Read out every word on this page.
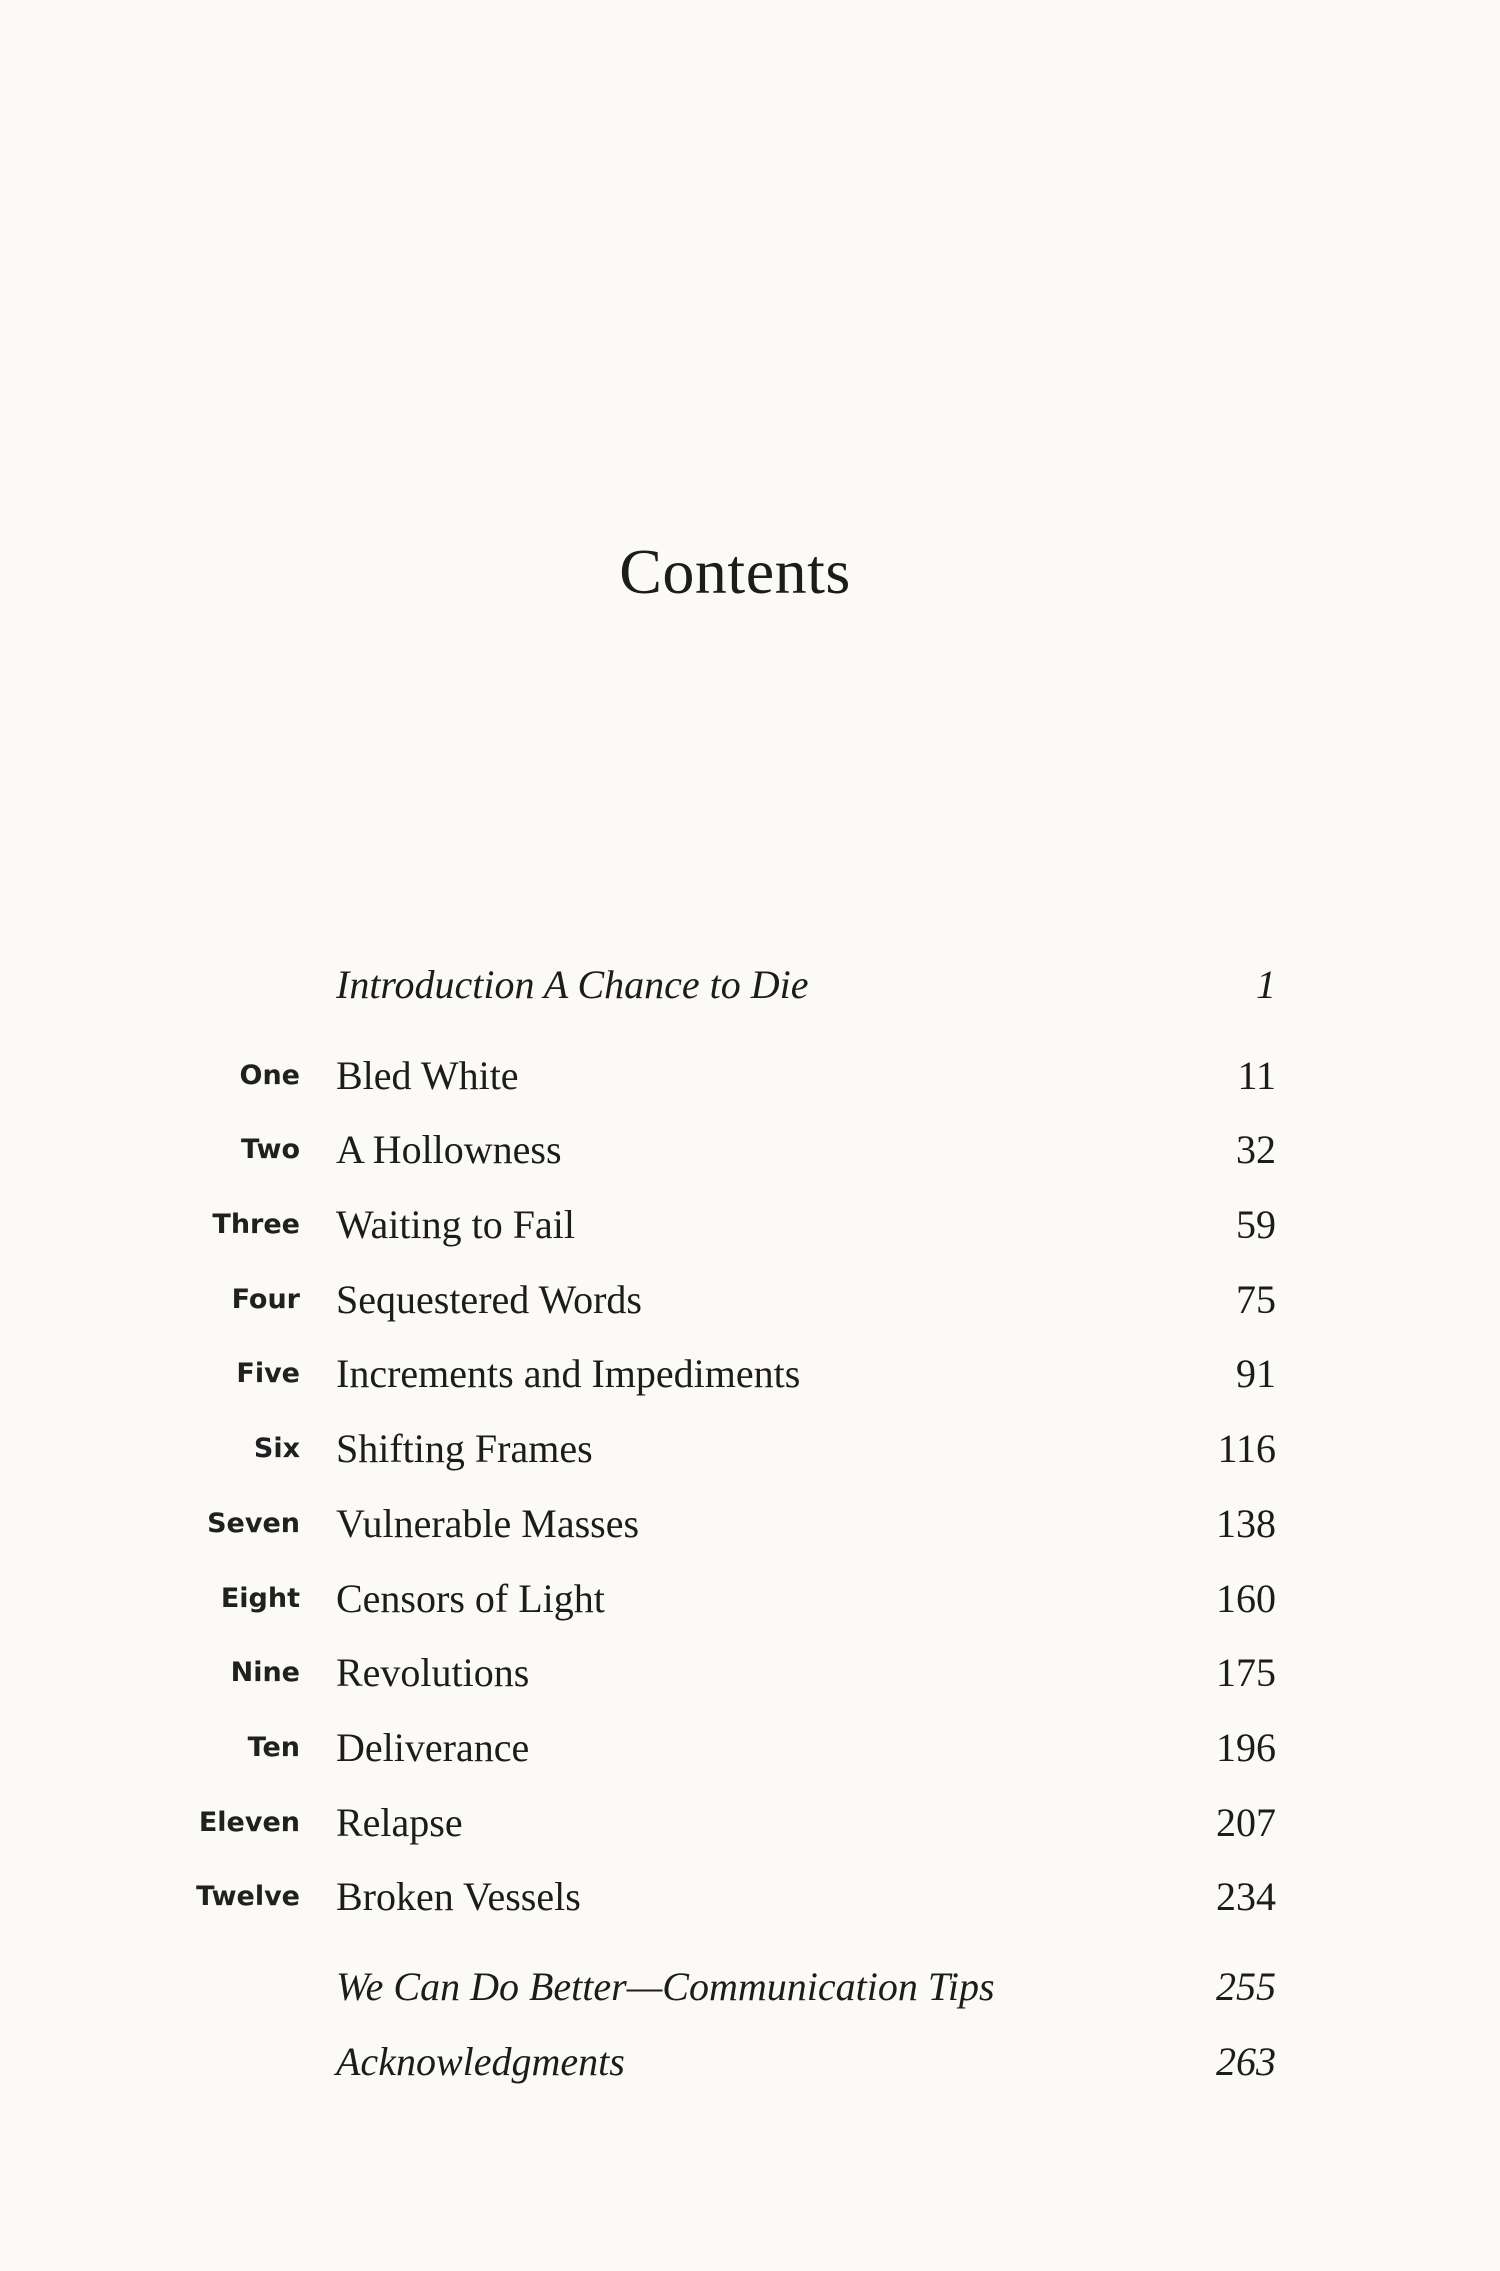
Contents
Introduction A Chance to Die	1
One Bled White	11
Two A Hollowness	32
Three Waiting to Fail	59
Four Sequestered Words	75
Five Increments and Impediments	91
Six Shifting Frames	116
Seven Vulnerable Masses	138
Eight Censors of Light	160
Nine Revolutions	175
Ten Deliverance	196
Eleven Relapse	207
Twelve Broken Vessels	234
We Can Do Better—Communication Tips	255
Acknowledgments	263
